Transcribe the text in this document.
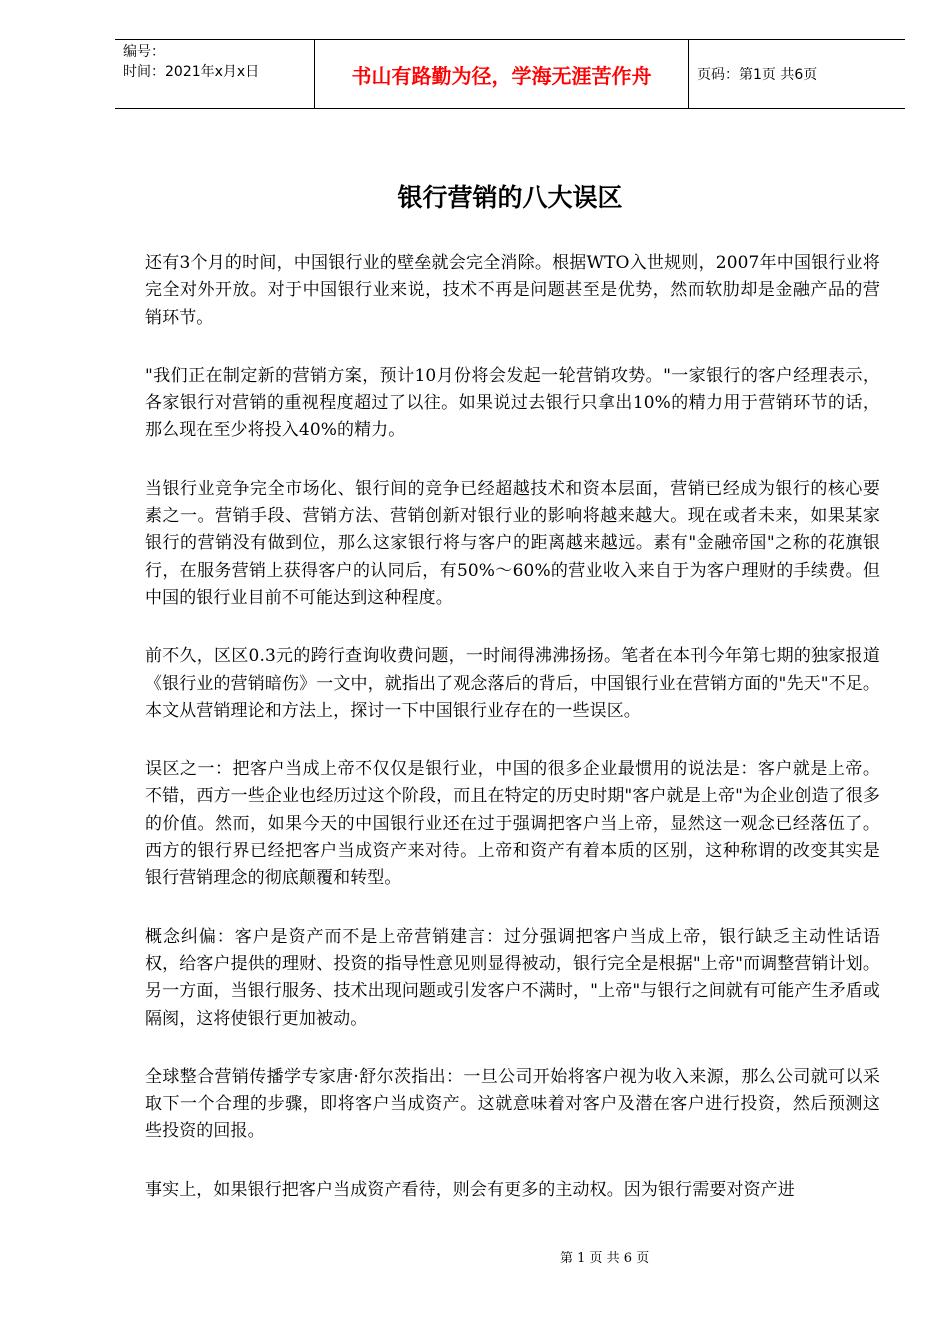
编号：
时间：2021年x月x日	书山有路勤为径，学海无涯苦作舟	页码：第1页 共6页
银行营销的八大误区

还有3个月的时间，中国银行业的壁垒就会完全消除。根据WTO入世规则，2007年中国银行业将完全对外开放。对于中国银行业来说，技术不再是问题甚至是优势，然而软肋却是金融产品的营销环节。

"我们正在制定新的营销方案，预计10月份将会发起一轮营销攻势。"一家银行的客户经理表示，各家银行对营销的重视程度超过了以往。如果说过去银行只拿出10%的精力用于营销环节的话，那么现在至少将投入40%的精力。

当银行业竞争完全市场化、银行间的竞争已经超越技术和资本层面，营销已经成为银行的核心要素之一。营销手段、营销方法、营销创新对银行业的影响将越来越大。现在或者未来，如果某家银行的营销没有做到位，那么这家银行将与客户的距离越来越远。素有"金融帝国"之称的花旗银行，在服务营销上获得客户的认同后，有50%～60%的营业收入来自于为客户理财的手续费。但中国的银行业目前不可能达到这种程度。

前不久，区区0.3元的跨行查询收费问题，一时闹得沸沸扬扬。笔者在本刊今年第七期的独家报道《银行业的营销暗伤》一文中，就指出了观念落后的背后，中国银行业在营销方面的"先天"不足。本文从营销理论和方法上，探讨一下中国银行业存在的一些误区。

误区之一：把客户当成上帝不仅仅是银行业，中国的很多企业最惯用的说法是：客户就是上帝。不错，西方一些企业也经历过这个阶段，而且在特定的历史时期"客户就是上帝"为企业创造了很多的价值。然而，如果今天的中国银行业还在过于强调把客户当上帝，显然这一观念已经落伍了。西方的银行界已经把客户当成资产来对待。上帝和资产有着本质的区别，这种称谓的改变其实是银行营销理念的彻底颠覆和转型。

概念纠偏：客户是资产而不是上帝营销建言：过分强调把客户当成上帝，银行缺乏主动性话语权，给客户提供的理财、投资的指导性意见则显得被动，银行完全是根据"上帝"而调整营销计划。另一方面，当银行服务、技术出现问题或引发客户不满时，"上帝"与银行之间就有可能产生矛盾或隔阂，这将使银行更加被动。

全球整合营销传播学专家唐·舒尔茨指出：一旦公司开始将客户视为收入来源，那么公司就可以采取下一个合理的步骤，即将客户当成资产。这就意味着对客户及潜在客户进行投资，然后预测这些投资的回报。

事实上，如果银行把客户当成资产看待，则会有更多的主动权。因为银行需要对资产进

第 1 页 共 6 页
